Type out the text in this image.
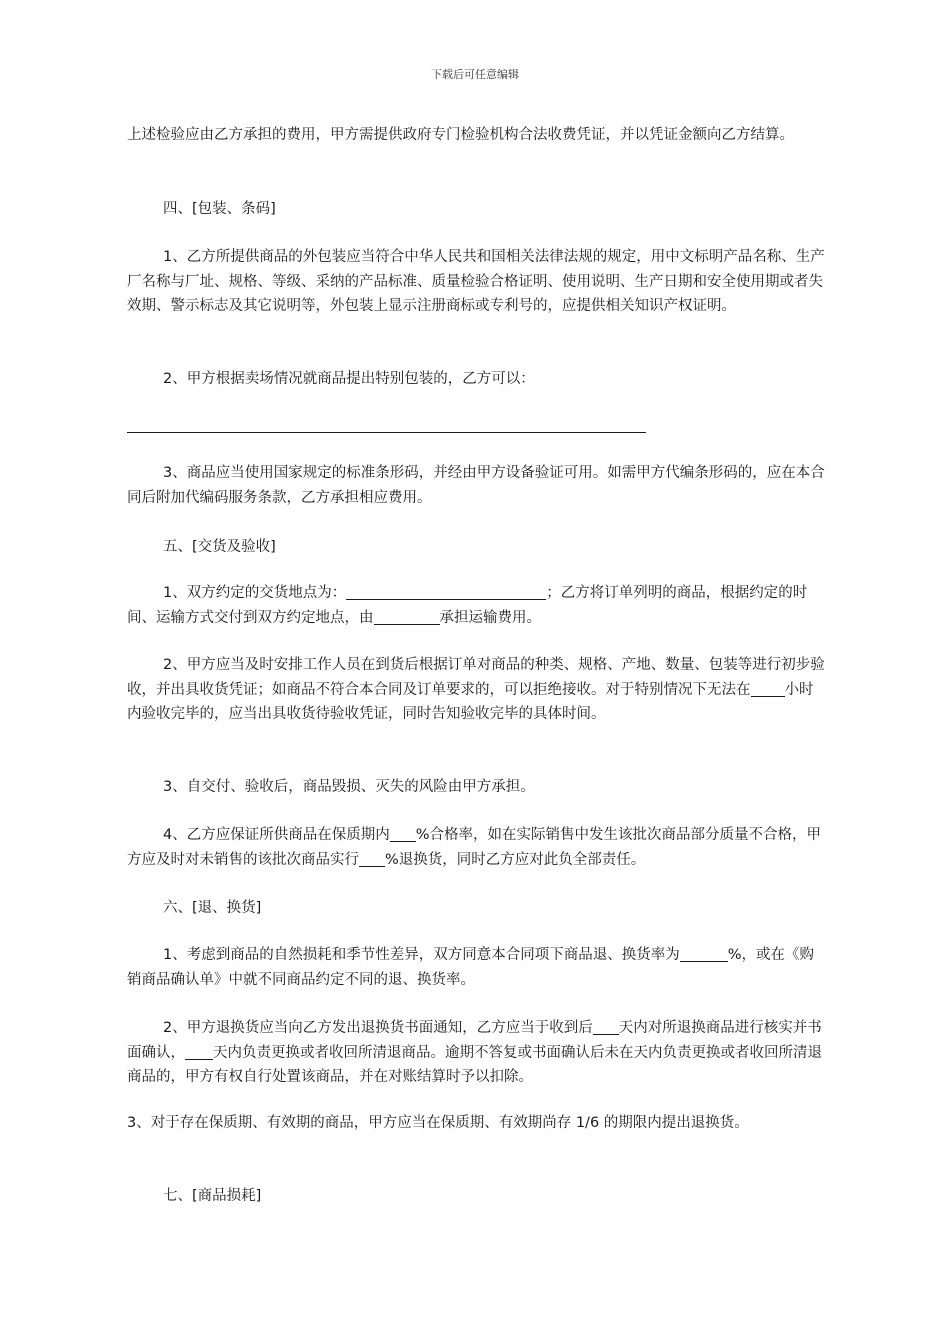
下载后可任意编辑

上述检验应由乙方承担的费用，甲方需提供政府专门检验机构合法收费凭证，并以凭证金额向乙方结算。

四、[包装、条码]

1、乙方所提供商品的外包装应当符合中华人民共和国相关法律法规的规定，用中文标明产品名称、生产厂名称与厂址、规格、等级、采纳的产品标准、质量检验合格证明、使用说明、生产日期和安全使用期或者失效期、警示标志及其它说明等，外包装上显示注册商标或专利号的，应提供相关知识产权证明。

2、甲方根据卖场情况就商品提出特别包装的，乙方可以：

3、商品应当使用国家规定的标准条形码，并经由甲方设备验证可用。如需甲方代编条形码的，应在本合同后附加代编码服务条款，乙方承担相应费用。

五、[交货及验收]

1、双方约定的交货地点为：	；乙方将订单列明的商品，根据约定的时间、运输方式交付到双方约定地点，由	承担运输费用。

2、甲方应当及时安排工作人员在到货后根据订单对商品的种类、规格、产地、数量、包装等进行初步验收，并出具收货凭证；如商品不符合本合同及订单要求的，可以拒绝接收。对于特别情况下无法在 小时内验收完毕的，应当出具收货待验收凭证，同时告知验收完毕的具体时间。

3、自交付、验收后，商品毁损、灭失的风险由甲方承担。

4、乙方应保证所供商品在保质期内 %合格率，如在实际销售中发生该批次商品部分质量不合格，甲方应及时对未销售的该批次商品实行 %退换货，同时乙方应对此负全部责任。

六、[退、换货]

1、考虑到商品的自然损耗和季节性差异，双方同意本合同项下商品退、换货率为	%，或在《购销商品确认单》中就不同商品约定不同的退、换货率。

2、甲方退换货应当向乙方发出退换货书面通知，乙方应当于收到后 天内对所退换商品进行核实并书面确认， 天内负责更换或者收回所清退商品。逾期不答复或书面确认后未在天内负责更换或者收回所清退商品的，甲方有权自行处置该商品，并在对账结算时予以扣除。

3、对于存在保质期、有效期的商品，甲方应当在保质期、有效期尚存 1/6 的期限内提出退换货。

七、[商品损耗]
